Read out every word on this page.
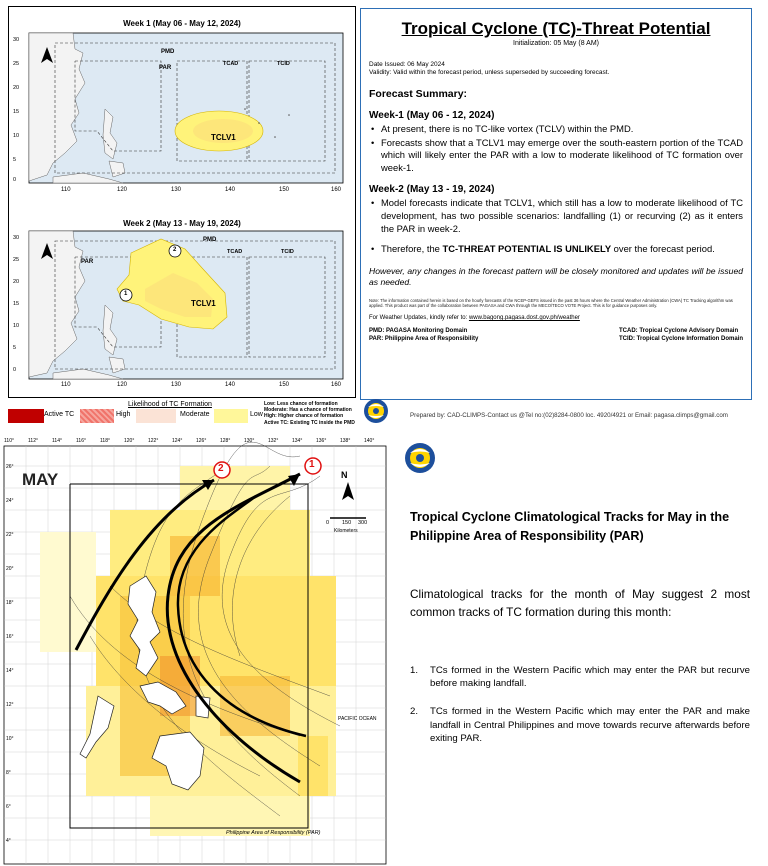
Week 1 (May 06 - May 12, 2024)
PMD
PAR
TCAD	TCID
TCLV1
30
25
20
15
10
5
0
110	120	130	140	150	160
Week 2 (May 13 - May 19, 2024)
2
1
PMD
PAR
TCAD	TCID
TCLV1
30
25
20
15
10
5
0
110	120	130	140	150	160
Tropical Cyclone (TC)-Threat Potential
Initialization: 05 May (8 AM)
Date Issued: 06 May 2024
Validity: Valid within the forecast period, unless superseded by succeeding forecast.
Forecast Summary:
Week-1 (May 06 - 12, 2024)
• At present, there is no TC-like vortex (TCLV) within the PMD.
• Forecasts show that a TCLV1 may emerge over the south-eastern portion of the TCAD which will likely enter the PAR with a low to moderate likelihood of TC formation over week-1.
Week-2 (May 13 - 19, 2024)
• Model forecasts indicate that TCLV1, which still has a low to moderate likelihood of TC development, has two possible scenarios: landfalling (1) or recurving (2) as it enters the PAR in week-2.
• Therefore, the TC-THREAT POTENTIAL IS UNLIKELY over the forecast period.
However, any changes in the forecast pattern will be closely monitored and updates will be issued as needed.
Note: The information contained herein is based on the hourly forecasts of the NCEP-GEFS issued in the past 36 hours where the Central Weather Administration (CWA) TC Tracking algorithm was applied. This product was part of the collaboration between PAGASA and CWA through the MECO/TECO VOTE Project. This is for guidance purposes only.
For Weather Updates, kindly refer to: www.bagong.pagasa.dost.gov.ph/weather
PMD: PAGASA Monitoring Domain
PAR: Philippine Area of Responsibility
TCAD: Tropical Cyclone Advisory Domain
TCID: Tropical Cyclone Information Domain
Likelihood of TC Formation
Active TC	High	Moderate	Low
Low: Less chance of formation
Moderate: Has a chance of formation
High: Higher chance of formation
Active TC: Existing TC inside the PMD
Prepared by: CAD-CLIMPS-Contact us @Tel no:(02)8284-0800 loc. 4920/4921 or Email: pagasa.climps@gmail.com
MAY
2	1
N
0 150 300
Kilometers
PACIFIC OCEAN
Philippine Area of Responsibility (PAR)
110°	112°	114°	116°	118°	120°	122°	124°	126°	128°	130°	132°	134°	136°	138°	140°
26°
24°
22°
20°
18°
16°
14°
12°
10°
8°
6°
4°
Tropical Cyclone Climatological Tracks for May in the Philippine Area of Responsibility (PAR)
Climatological tracks for the month of May suggest 2 most common tracks of TC formation during this month:
1. TCs formed in the Western Pacific which may enter the PAR but recurve before making landfall.
2. TCs formed in the Western Pacific which may enter the PAR and make landfall in Central Philippines and move towards recurve afterwards before exiting PAR.
